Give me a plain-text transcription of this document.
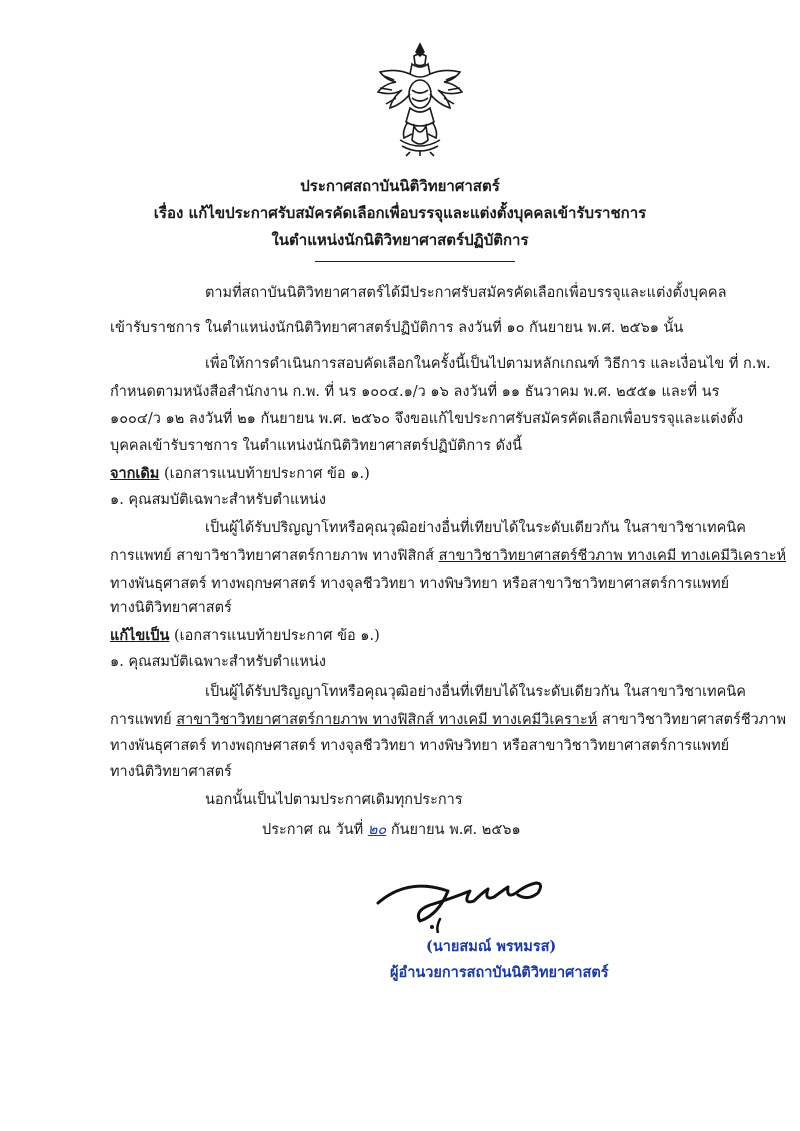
ประกาศสถาบันนิติวิทยาศาสตร์
เรื่อง แก้ไขประกาศรับสมัครคัดเลือกเพื่อบรรจุและแต่งตั้งบุคคลเข้ารับราชการ
ในตำแหน่งนักนิติวิทยาศาสตร์ปฏิบัติการ
ตามที่สถาบันนิติวิทยาศาสตร์ได้มีประกาศรับสมัครคัดเลือกเพื่อบรรจุและแต่งตั้งบุคคล
เข้ารับราชการ ในตำแหน่งนักนิติวิทยาศาสตร์ปฏิบัติการ ลงวันที่ ๑๐ กันยายน พ.ศ. ๒๕๖๑ นั้น
เพื่อให้การดำเนินการสอบคัดเลือกในครั้งนี้เป็นไปตามหลักเกณฑ์ วิธีการ และเงื่อนไข ที่ ก.พ.
กำหนดตามหนังสือสำนักงาน ก.พ. ที่ นร ๑๐๐๔.๑/ว ๑๖ ลงวันที่ ๑๑ ธันวาคม พ.ศ. ๒๕๕๑ และที่ นร
๑๐๐๔/ว ๑๒ ลงวันที่ ๒๑ กันยายน พ.ศ. ๒๕๖๐ จึงขอแก้ไขประกาศรับสมัครคัดเลือกเพื่อบรรจุและแต่งตั้ง
บุคคลเข้ารับราชการ ในตำแหน่งนักนิติวิทยาศาสตร์ปฏิบัติการ ดังนี้
จากเดิม (เอกสารแนบท้ายประกาศ ข้อ ๑.)
๑. คุณสมบัติเฉพาะสำหรับตำแหน่ง
เป็นผู้ได้รับปริญญาโทหรือคุณวุฒิอย่างอื่นที่เทียบได้ในระดับเดียวกัน ในสาขาวิชาเทคนิค
การแพทย์ สาขาวิชาวิทยาศาสตร์กายภาพ ทางฟิสิกส์ สาขาวิชาวิทยาศาสตร์ชีวภาพ ทางเคมี ทางเคมีวิเคราะห์
ทางพันธุศาสตร์ ทางพฤกษศาสตร์ ทางจุลชีววิทยา ทางพิษวิทยา หรือสาขาวิชาวิทยาศาสตร์การแพทย์
ทางนิติวิทยาศาสตร์
แก้ไขเป็น (เอกสารแนบท้ายประกาศ ข้อ ๑.)
๑. คุณสมบัติเฉพาะสำหรับตำแหน่ง
เป็นผู้ได้รับปริญญาโทหรือคุณวุฒิอย่างอื่นที่เทียบได้ในระดับเดียวกัน ในสาขาวิชาเทคนิค
การแพทย์ สาขาวิชาวิทยาศาสตร์กายภาพ ทางฟิสิกส์ ทางเคมี ทางเคมีวิเคราะห์ สาขาวิชาวิทยาศาสตร์ชีวภาพ
ทางพันธุศาสตร์ ทางพฤกษศาสตร์ ทางจุลชีววิทยา ทางพิษวิทยา หรือสาขาวิชาวิทยาศาสตร์การแพทย์
ทางนิติวิทยาศาสตร์
นอกนั้นเป็นไปตามประกาศเดิมทุกประการ
ประกาศ ณ วันที่ ๒๐ กันยายน พ.ศ. ๒๕๖๑
(นายสมณ์ พรหมรส)
ผู้อำนวยการสถาบันนิติวิทยาศาสตร์
